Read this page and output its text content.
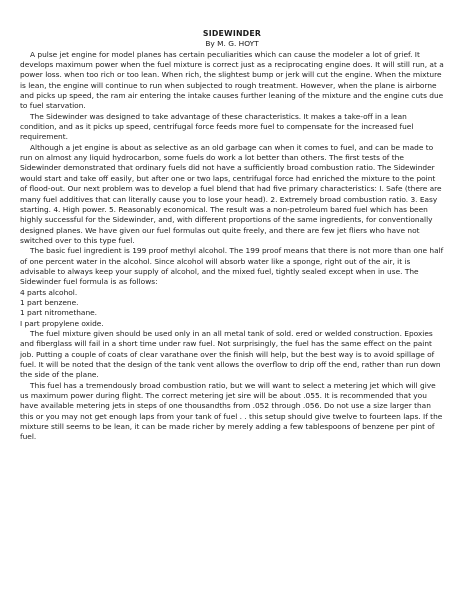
SIDEWINDER
By M. G. HOYT

A pulse jet engine for model planes has certain peculiarities which can cause the modeler a lot of grief. It develops maximum power when the fuel mixture is correct just as a reciprocating engine does. It will still run, at a power loss. when too rich or too lean. When rich, the slightest bump or jerk will cut the engine. When the mixture is lean, the engine will continue to run when subjected to rough treatment. However, when the plane is airborne and picks up speed, the ram air entering the intake causes further leaning of the mixture and the engine cuts due to fuel starvation.

The Sidewinder was designed to take advantage of these characteristics. It makes a take-off in a lean condition, and as it picks up speed, centrifugal force feeds more fuel to compensate for the increased fuel requirement.

Although a jet engine is about as selective as an old garbage can when it comes to fuel, and can be made to run on almost any liquid hydrocarbon, some fuels do work a lot better than others. The first tests of the Sidewinder demonstrated that ordinary fuels did not have a sufficiently broad combustion ratio. The Sidewinder would start and take off easily, but after one or two laps, centrifugal force had enriched the mixture to the point of flood-out. Our next problem was to develop a fuel blend that had five primary characteristics: I. Safe (there are many fuel additives that can literally cause you to lose your head). 2. Extremely broad combustion ratio. 3. Easy starting. 4. High power. 5. Reasonably economical. The result was a non-petroleum bared fuel which has been highly successful for the Sidewinder, and, with different proportions of the same ingredients, for conventionally designed planes. We have given our fuel formulas out quite freely, and there are few jet fliers who have not switched over to this type fuel.

The basic fuel ingredient is 199 proof methyl alcohol. The 199 proof means that there is not more than one half of one percent water in the alcohol. Since alcohol will absorb water like a sponge, right out of the air, it is advisable to always keep your supply of alcohol, and the mixed fuel, tightly sealed except when in use. The Sidewinder fuel formula is as follows:

4 parts alcohol.
1 part benzene.
1 part nitromethane.
I part propylene oxide.

The fuel mixture given should be used only in an all metal tank of sold. ered or welded construction. Epoxies and fiberglass will fail in a short time under raw fuel. Not surprisingly, the fuel has the same effect on the paint job. Putting a couple of coats of clear varathane over the finish will help, but the best way is to avoid spillage of fuel. It will be noted that the design of the tank vent allows the overflow to drip off the end, rather than run down the side of the plane.

This fuel has a tremendously broad combustion ratio, but we will want to select a metering jet which will give us maximum power during flight. The correct metering jet sire will be about .055. It is recommended that you have available metering jets in steps of one thousandths from .052 through .056. Do not use a size larger than this or you may not get enough laps from your tank of fuel . . this setup should give twelve to fourteen laps. If the mixture still seems to be lean, it can be made richer by merely adding a few tablespoons of benzene per pint of fuel.
